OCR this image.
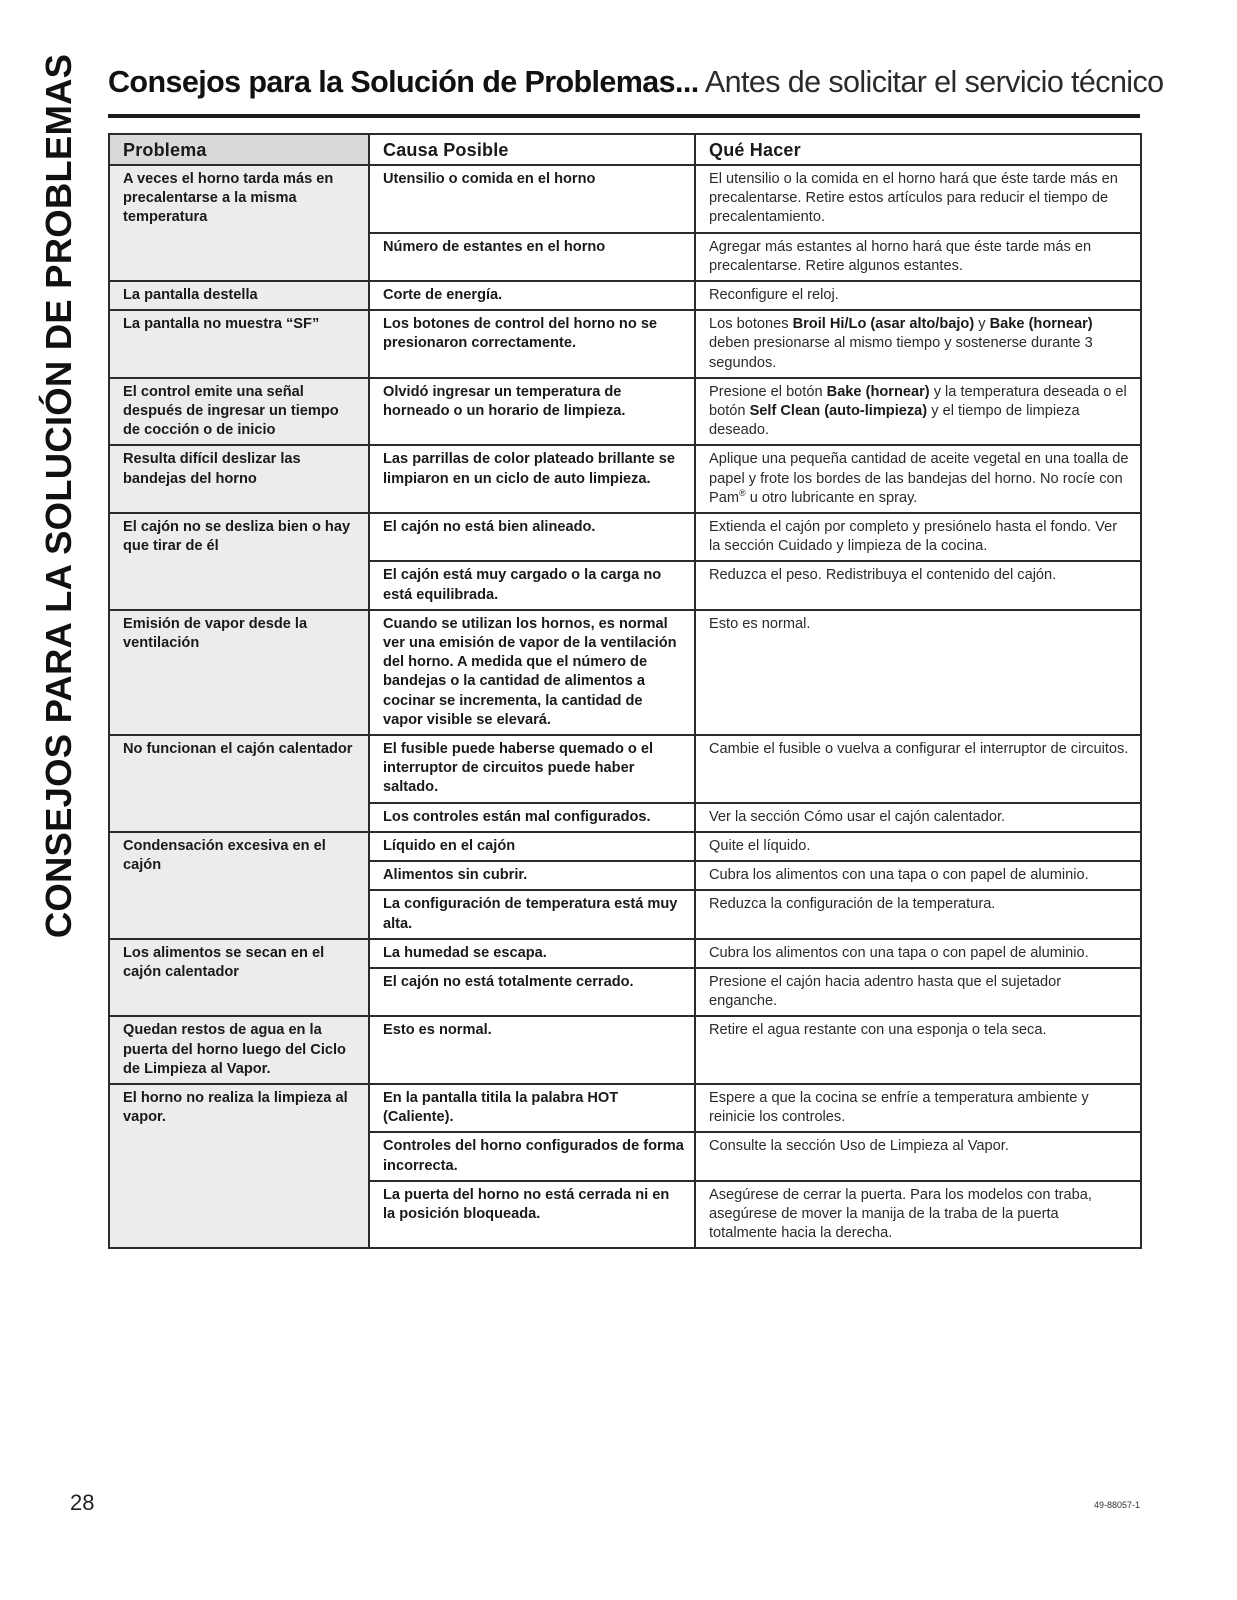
CONSEJOS PARA LA SOLUCIÓN DE PROBLEMAS Consejos para la Solución de Problemas... Antes de solicitar el servicio técnico
Problema	Causa Posible	Qué Hacer
A veces el horno tarda más en precalentarse a la misma temperatura	Utensilio o comida en el horno	El utensilio o la comida en el horno hará que éste tarde más en precalentarse. Retire estos artículos para reducir el tiempo de precalentamiento.
	Número de estantes en el horno	Agregar más estantes al horno hará que éste tarde más en precalentarse. Retire algunos estantes.
La pantalla destella	Corte de energía.	Reconfigure el reloj.
La pantalla no muestra “SF”	Los botones de control del horno no se presionaron correctamente.	Los botones Broil Hi/Lo (asar alto/bajo) y Bake (hornear) deben presionarse al mismo tiempo y sostenerse durante 3 segundos.
El control emite una señal después de ingresar un tiempo de cocción o de inicio	Olvidó ingresar un temperatura de horneado o un horario de limpieza.	Presione el botón Bake (hornear) y la temperatura deseada o el botón Self Clean (auto-limpieza) y el tiempo de limpieza deseado.
Resulta difícil deslizar las bandejas del horno	Las parrillas de color plateado brillante se limpiaron en un ciclo de auto limpieza.	Aplique una pequeña cantidad de aceite vegetal en una toalla de papel y frote los bordes de las bandejas del horno. No rocíe con Pam® u otro lubricante en spray.
El cajón no se desliza bien o hay que tirar de él	El cajón no está bien alineado.	Extienda el cajón por completo y presiónelo hasta el fondo. Ver la sección Cuidado y limpieza de la cocina.
	El cajón está muy cargado o la carga no está equilibrada.	Reduzca el peso. Redistribuya el contenido del cajón.
Emisión de vapor desde la ventilación	Cuando se utilizan los hornos, es normal ver una emisión de vapor de la ventilación del horno. A medida que el número de bandejas o la cantidad de alimentos a cocinar se incrementa, la cantidad de vapor visible se elevará.	Esto es normal.
No funcionan el cajón calentador	El fusible puede haberse quemado o el interruptor de circuitos puede haber saltado.	Cambie el fusible o vuelva a configurar el interruptor de circuitos.
	Los controles están mal configurados.	Ver la sección Cómo usar el cajón calentador.
Condensación excesiva en el cajón	Líquido en el cajón	Quite el líquido.
	Alimentos sin cubrir.	Cubra los alimentos con una tapa o con papel de aluminio.
	La configuración de temperatura está muy alta.	Reduzca la configuración de la temperatura.
Los alimentos se secan en el cajón calentador	La humedad se escapa.	Cubra los alimentos con una tapa o con papel de aluminio.
	El cajón no está totalmente cerrado.	Presione el cajón hacia adentro hasta que el sujetador enganche.
Quedan restos de agua en la puerta del horno luego del Ciclo de Limpieza al Vapor.	Esto es normal.	Retire el agua restante con una esponja o tela seca.
El horno no realiza la limpieza al vapor.	En la pantalla titila la palabra HOT (Caliente).	Espere a que la cocina se enfríe a temperatura ambiente y reinicie los controles.
	Controles del horno configurados de forma incorrecta.	Consulte la sección Uso de Limpieza al Vapor.
	La puerta del horno no está cerrada ni en la posición bloqueada.	Asegúrese de cerrar la puerta. Para los modelos con traba, asegúrese de mover la manija de la traba de la puerta totalmente hacia la derecha.
28	49-88057-1
